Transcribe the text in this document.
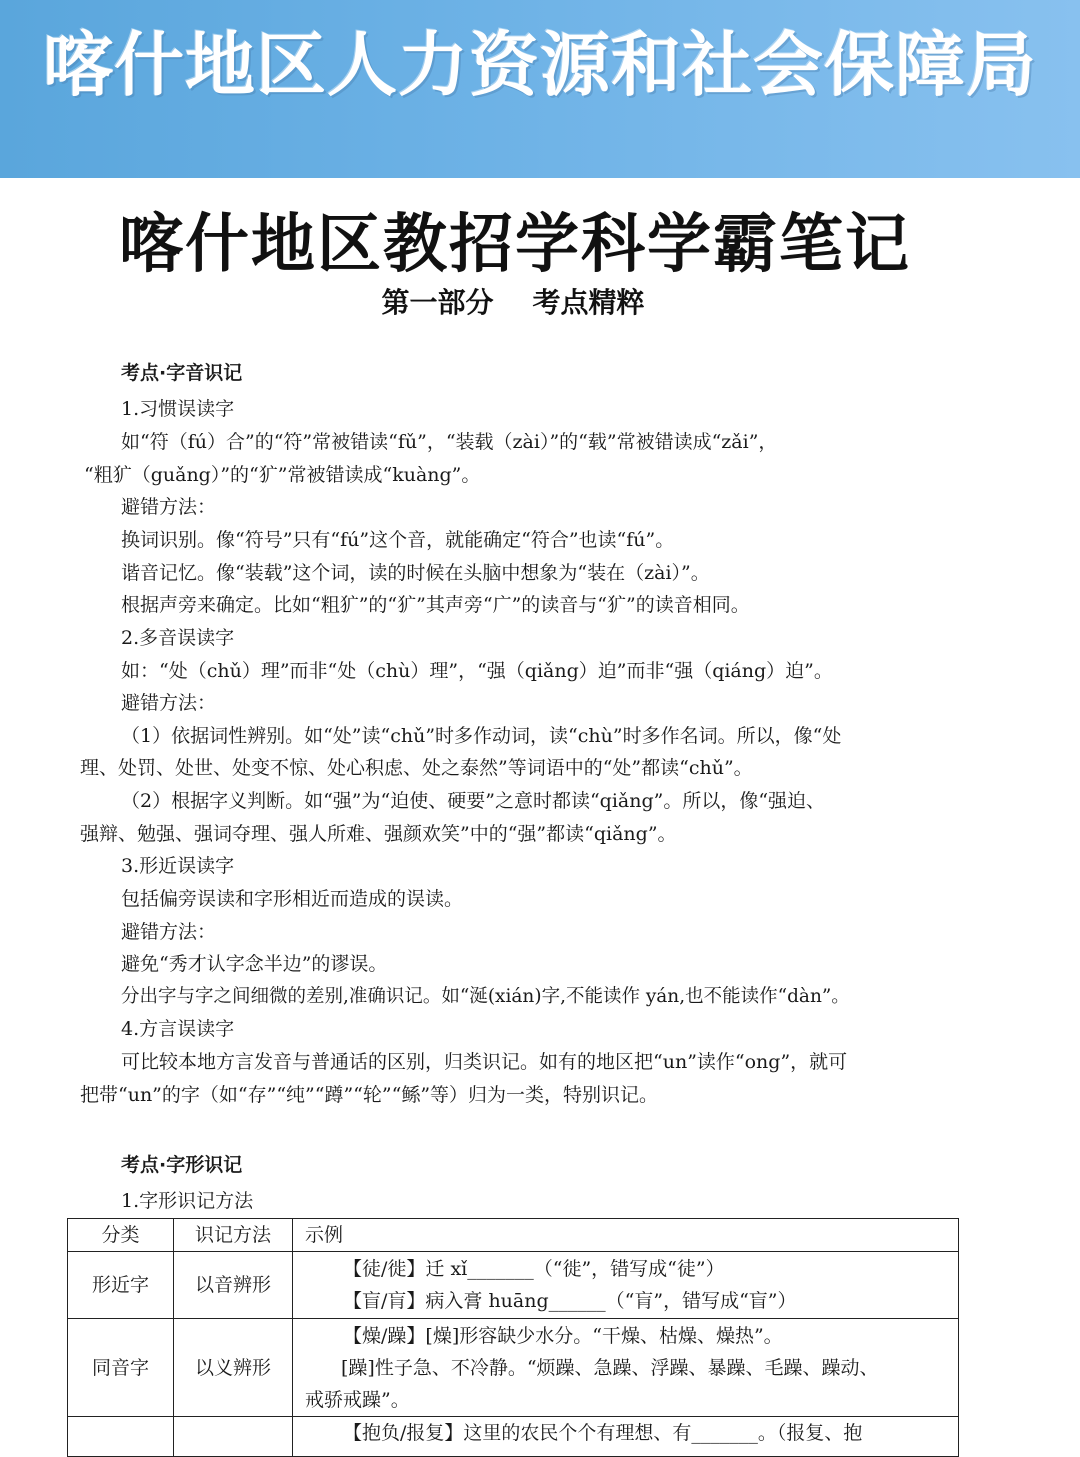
喀什地区人力资源和社会保障局
喀什地区教招学科学霸笔记
第一部分    考点精粹
考点·字音识记
1.习惯误读字
如“符（fú）合”的“符”常被错读“fǔ”，“装载（zài）”的“载”常被错读成“zǎi”，
“粗犷（guǎng）”的“犷”常被错读成“kuàng”。
避错方法：
换词识别。像“符号”只有“fú”这个音，就能确定“符合”也读“fú”。
谐音记忆。像“装载”这个词，读的时候在头脑中想象为“装在（zài）”。
根据声旁来确定。比如“粗犷”的“犷”其声旁“广”的读音与“犷”的读音相同。
2.多音误读字
如：“处（chǔ）理”而非“处（chù）理”，“强（qiǎng）迫”而非“强（qiáng）迫”。
避错方法：
（1）依据词性辨别。如“处”读“chǔ”时多作动词，读“chù”时多作名词。所以，像“处
理、处罚、处世、处变不惊、处心积虑、处之泰然”等词语中的“处”都读“chǔ”。
（2）根据字义判断。如“强”为“迫使、硬要”之意时都读“qiǎng”。所以，像“强迫、
强辩、勉强、强词夺理、强人所难、强颜欢笑”中的“强”都读“qiǎng”。
3.形近误读字
包括偏旁误读和字形相近而造成的误读。
避错方法：
避免“秀才认字念半边”的谬误。
分出字与字之间细微的差别,准确识记。如“涎(xián)字,不能读作 yán,也不能读作“dàn”。
4.方言误读字
可比较本地方言发音与普通话的区别，归类识记。如有的地区把“un”读作“ong”，就可
把带“un”的字（如“存”“纯”“蹲”“轮”“鲧”等）归为一类，特别识记。
考点·字形识记
1.字形识记方法
分类	识记方法	示例
形近字	以音辨形	【徒/徙】迁 xǐ_______（“徙”，错写成“徒”）
【盲/肓】病入膏 huāng______（“肓”，错写成“盲”）

同音字	以义辨形	【燥/躁】[燥]形容缺少水分。“干燥、枯燥、燥热”。
[躁]性子急、不冷静。“烦躁、急躁、浮躁、暴躁、毛躁、躁动、
戒骄戒躁”。

		【抱负/报复】这里的农民个个有理想、有_______。（报复、抱
